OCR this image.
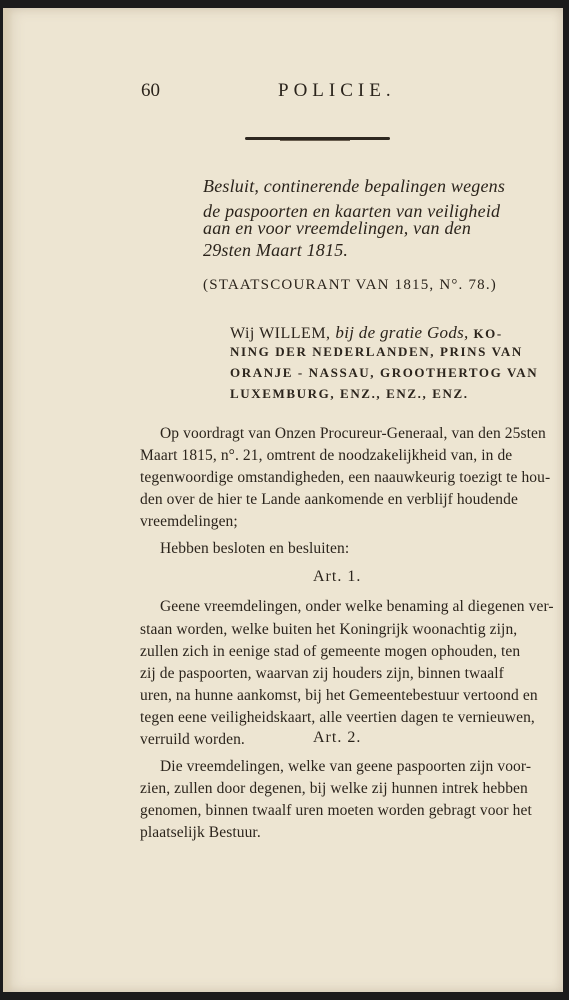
60	POLICIE.
Besluit, continerende bepalingen wegens
de paspoorten en kaarten van veiligheid
aan en voor vreemdelingen, van den
29sten Maart 1815.
(STAATSCOURANT VAN 1815, N°. 78.)
Wij WILLEM, bij de gratie Gods, KO-
NING DER NEDERLANDEN, PRINS VAN
ORANJE - NASSAU, GROOTHERTOG VAN
LUXEMBURG, ENZ., ENZ., ENZ.
Op voordragt van Onzen Procureur-Generaal, van den 25sten
Maart 1815, n°. 21, omtrent de noodzakelijkheid van, in de
tegenwoordige omstandigheden, een naauwkeurig toezigt te hou-
den over de hier te Lande aankomende en verblijf houdende
vreemdelingen;
Hebben besloten en besluiten:
Art. 1.
Geene vreemdelingen, onder welke benaming al diegenen ver-
staan worden, welke buiten het Koningrijk woonachtig zijn,
zullen zich in eenige stad of gemeente mogen ophouden, ten
zij de paspoorten, waarvan zij houders zijn, binnen twaalf
uren, na hunne aankomst, bij het Gemeentebestuur vertoond en
tegen eene veiligheidskaart, alle veertien dagen te vernieuwen,
verruild worden.	Art. 2.
Die vreemdelingen, welke van geene paspoorten zijn voor-
zien, zullen door degenen, bij welke zij hunnen intrek hebben
genomen, binnen twaalf uren moeten worden gebragt voor het
plaatselijk Bestuur.
